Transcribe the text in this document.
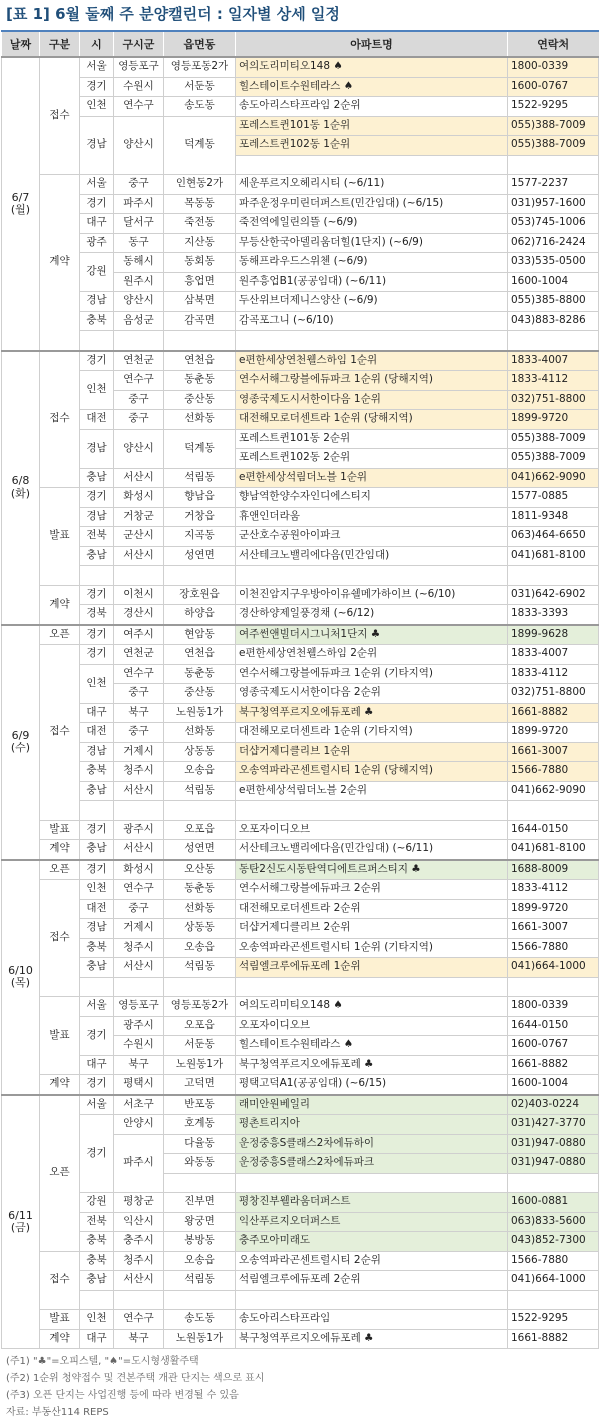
[표 1] 6월 둘째 주 분양캘린더 : 일자별 상세 일정
날짜	구분	시	구시군	읍면동	아파트명	연락처
6/7
(월)	접수	서울	영등포구	영등포동2가	여의도리미티오148 ♠	1800-0339
		경기	수원시	서둔동	힐스테이트수원테라스 ♠	1600-0767
		인천	연수구	송도동	송도아리스타프라임 2순위	1522-9295
		경남	양산시	덕계동	포레스트퀸101동 1순위	055)388-7009
					포레스트퀸102동 1순위	055)388-7009

	계약	서울	중구	인현동2가	세운푸르지오헤리시티 (~6/11)	1577-2237
		경기	파주시	목동동	파주운정우미린더퍼스트(민간임대) (~6/15)	031)957-1600
		대구	달서구	죽전동	죽전역에일린의뜰 (~6/9)	053)745-1006
		광주	동구	지산동	무등산한국아델리움더힐(1단지) (~6/9)	062)716-2424
		강원	동해시	동회동	동해프라우드스위첸 (~6/9)	033)535-0500
			원주시	흥업면	원주흥업B1(공공임대) (~6/11)	1600-1004
		경남	양산시	삼북면	두산위브더제니스양산 (~6/9)	055)385-8800
		충북	음성군	감곡면	감곡포그니 (~6/10)	043)883-8286

6/8
(화)	접수	경기	연천군	연천읍	e편한세상연천웰스하임 1순위	1833-4007
		인천	연수구	동춘동	연수서해그랑블에듀파크 1순위 (당해지역)	1833-4112
			중구	중산동	영종국제도시서한이다음 1순위	032)751-8800
		대전	중구	선화동	대전해모로더센트라 1순위 (당해지역)	1899-9720
		경남	양산시	덕계동	포레스트퀸101동 2순위	055)388-7009
					포레스트퀸102동 2순위	055)388-7009
		충남	서산시	석림동	e편한세상석림더노블 1순위	041)662-9090
	발표	경기	화성시	향남읍	향남역한양수자인디에스티지	1577-0885
		경남	거창군	거창읍	휴앤인더라움	1811-9348
		전북	군산시	지곡동	군산호수공원아이파크	063)464-6650
		충남	서산시	성연면	서산테크노밸리에다음(민간임대)	041)681-8100

	계약	경기	이천시	장호원읍	이천진암지구우방아이유쉘메가하이브 (~6/10)	031)642-6902
		경북	경산시	하양읍	경산하양제일풍경채 (~6/12)	1833-3393
6/9
(수)	오픈	경기	여주시	현암동	여주썬앤빌더시그니처1단지 ♣	1899-9628
	접수	경기	연천군	연천읍	e편한세상연천웰스하임 2순위	1833-4007
		인천	연수구	동춘동	연수서해그랑블에듀파크 1순위 (기타지역)	1833-4112
			중구	중산동	영종국제도시서한이다음 2순위	032)751-8800
		대구	북구	노원동1가	북구청역푸르지오에듀포레 ♣	1661-8882
		대전	중구	선화동	대전해모로더센트라 1순위 (기타지역)	1899-9720
		경남	거제시	상동동	더샵거제디클리브 1순위	1661-3007
		충북	청주시	오송읍	오송역파라곤센트럴시티 1순위 (당해지역)	1566-7880
		충남	서산시	석림동	e편한세상석림더노블 2순위	041)662-9090

	발표	경기	광주시	오포읍	오포자이디오브	1644-0150
	계약	충남	서산시	성연면	서산테크노밸리에다음(민간임대) (~6/11)	041)681-8100
6/10
(목)	오픈	경기	화성시	오산동	동탄2신도시동탄역디에트르퍼스티지 ♣	1688-8009
	접수	인천	연수구	동춘동	연수서해그랑블에듀파크 2순위	1833-4112
		대전	중구	선화동	대전해모로더센트라 2순위	1899-9720
		경남	거제시	상동동	더샵거제디클리브 2순위	1661-3007
		충북	청주시	오송읍	오송역파라곤센트럴시티 1순위 (기타지역)	1566-7880
		충남	서산시	석림동	석림엘크루에듀포레 1순위	041)664-1000

	발표	서울	영등포구	영등포동2가	여의도리미티오148 ♠	1800-0339
		경기	광주시	오포읍	오포자이디오브	1644-0150
			수원시	서둔동	힐스테이트수원테라스 ♠	1600-0767
		대구	북구	노원동1가	북구청역푸르지오에듀포레 ♣	1661-8882
	계약	경기	평택시	고덕면	평택고덕A1(공공임대) (~6/15)	1600-1004
6/11
(금)	오픈	서울	서초구	반포동	래미안원베일리	02)403-0224
		경기	안양시	호계동	평촌트리지아	031)427-3770
			파주시	다율동	운정중흥S클래스2차에듀하이	031)947-0880
				와동동	운정중흥S클래스2차에듀파크	031)947-0880

		강원	평창군	진부면	평창진부웰라움더퍼스트	1600-0881
		전북	익산시	왕궁면	익산푸르지오더퍼스트	063)833-5600
		충북	충주시	봉방동	충주모아미래도	043)852-7300
	접수	충북	청주시	오송읍	오송역파라곤센트럴시티 2순위	1566-7880
		충남	서산시	석림동	석림엘크루에듀포레 2순위	041)664-1000

	발표	인천	연수구	송도동	송도아리스타프라임	1522-9295
	계약	대구	북구	노원동1가	북구청역푸르지오에듀포레 ♣	1661-8882
(주1) "♣"=오피스텔, "♠"=도시형생활주택
(주2) 1순위 청약접수 및 견본주택 개관 단지는 색으로 표시
(주3) 오픈 단지는 사업진행 등에 따라 변경될 수 있음
자료: 부동산114 REPS
